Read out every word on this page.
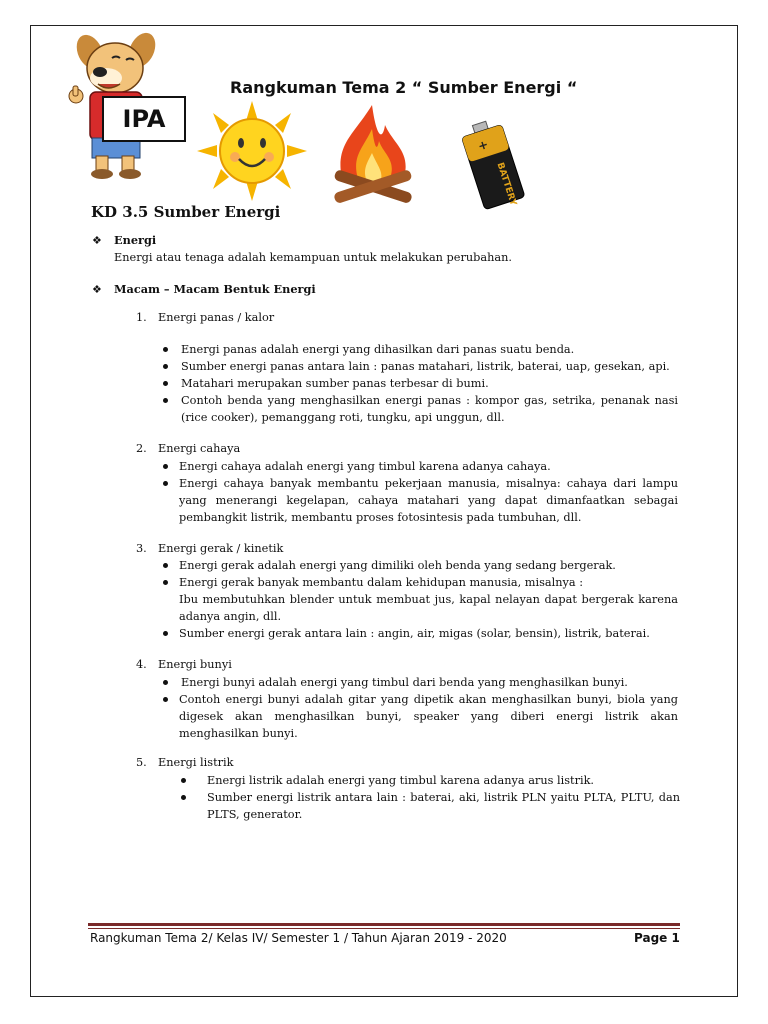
IPA
Rangkuman Tema 2 “ Sumber Energi “
+
BATTERY
KD 3.5 Sumber Energi
❖ Energi
Energi atau tenaga adalah kemampuan untuk melakukan perubahan.
❖ Macam – Macam Bentuk Energi
1. Energi panas / kalor
Energi panas adalah energi yang dihasilkan dari panas suatu benda.
Sumber energi panas antara lain : panas matahari, listrik, baterai, uap, gesekan, api.
Matahari merupakan sumber panas terbesar di bumi.
Contoh benda yang menghasilkan energi panas : kompor gas, setrika, penanak nasi (rice cooker), pemanggang roti, tungku, api unggun, dll.
2. Energi cahaya
Energi cahaya adalah energi yang timbul karena adanya cahaya.
Energi cahaya banyak membantu pekerjaan manusia, misalnya: cahaya dari lampu yang menerangi kegelapan, cahaya matahari yang dapat dimanfaatkan sebagai pembangkit listrik, membantu proses fotosintesis pada tumbuhan, dll.
3. Energi gerak / kinetik
Energi gerak adalah energi yang dimiliki oleh benda yang sedang bergerak.
Energi gerak banyak membantu dalam kehidupan manusia, misalnya :
Ibu membutuhkan blender untuk membuat jus, kapal nelayan dapat bergerak karena adanya angin, dll.
Sumber energi gerak antara lain : angin, air, migas (solar, bensin), listrik, baterai.
4. Energi bunyi
Energi bunyi adalah energi yang timbul dari benda yang menghasilkan bunyi.
Contoh energi bunyi adalah gitar yang dipetik akan menghasilkan bunyi, biola yang digesek akan menghasilkan bunyi, speaker yang diberi energi listrik akan menghasilkan bunyi.
5. Energi listrik
Energi listrik adalah energi yang timbul karena adanya arus listrik.
Sumber energi listrik antara lain : baterai, aki, listrik PLN yaitu PLTA, PLTU, dan PLTS, generator.
Rangkuman Tema 2/ Kelas IV/ Semester 1 / Tahun Ajaran 2019 - 2020	Page 1
